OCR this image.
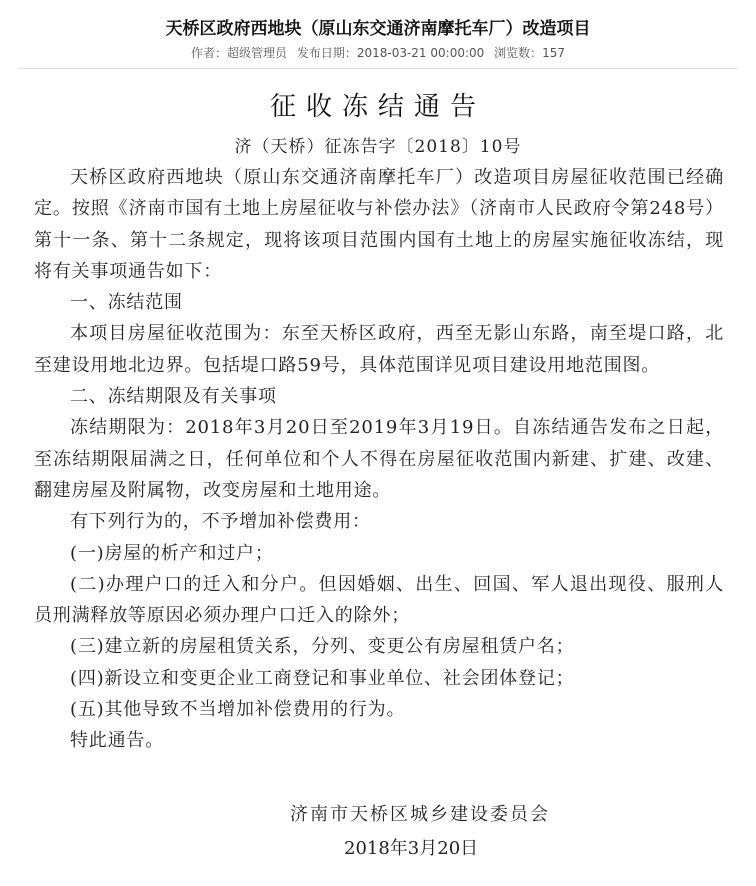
天桥区政府西地块（原山东交通济南摩托车厂）改造项目
作者：超级管理员 发布日期：2018-03-21 00:00:00 浏览数：157
征收冻结通告
济（天桥）征冻告字〔2018〕10号

天桥区政府西地块（原山东交通济南摩托车厂）改造项目房屋征收范围已经确定。按照《济南市国有土地上房屋征收与补偿办法》（济南市人民政府令第248号）第十一条、第十二条规定，现将该项目范围内国有土地上的房屋实施征收冻结，现将有关事项通告如下：

一、冻结范围

本项目房屋征收范围为：东至天桥区政府，西至无影山东路，南至堤口路，北至建设用地北边界。包括堤口路59号，具体范围详见项目建设用地范围图。

二、冻结期限及有关事项

冻结期限为：2018年3月20日至2019年3月19日。自冻结通告发布之日起，至冻结期限届满之日，任何单位和个人不得在房屋征收范围内新建、扩建、改建、翻建房屋及附属物，改变房屋和土地用途。

有下列行为的，不予增加补偿费用：

(一)房屋的析产和过户；

(二)办理户口的迁入和分户。但因婚姻、出生、回国、军人退出现役、服刑人员刑满释放等原因必须办理户口迁入的除外；

(三)建立新的房屋租赁关系，分列、变更公有房屋租赁户名；

(四)新设立和变更企业工商登记和事业单位、社会团体登记；

(五)其他导致不当增加补偿费用的行为。

特此通告。

济南市天桥区城乡建设委员会
2018年3月20日
